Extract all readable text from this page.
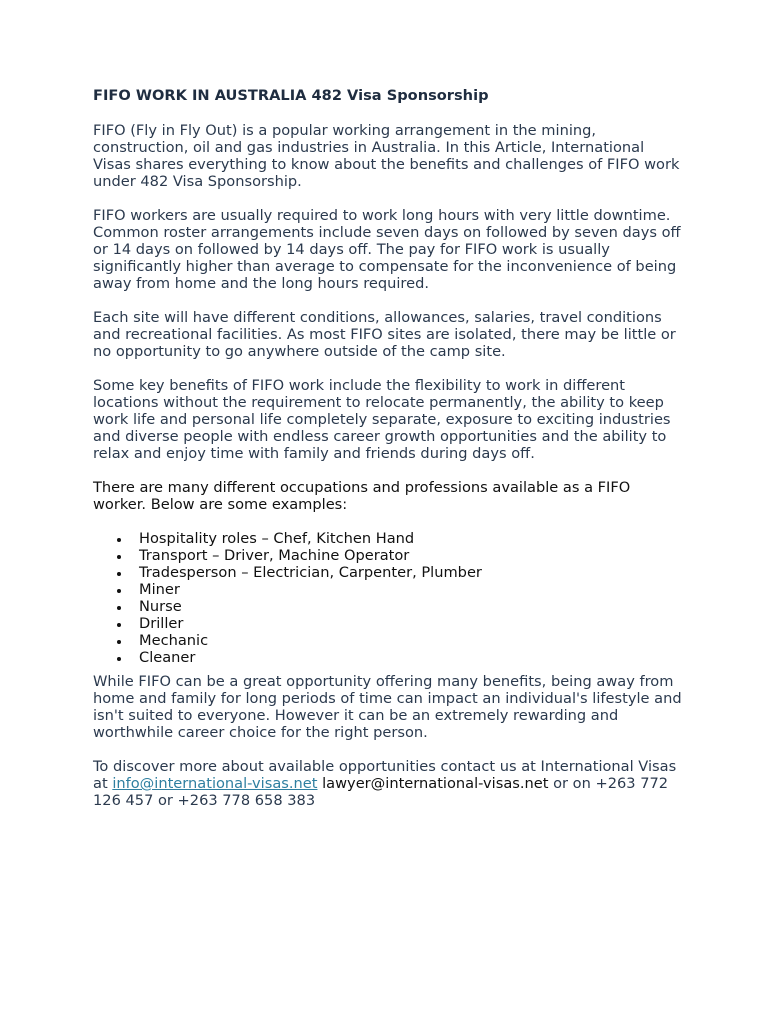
FIFO WORK IN AUSTRALIA 482 Visa Sponsorship

FIFO (Fly in Fly Out) is a popular working arrangement in the mining, construction, oil and gas industries in Australia. In this Article, International Visas shares everything to know about the benefits and challenges of FIFO work under 482 Visa Sponsorship.

FIFO workers are usually required to work long hours with very little downtime. Common roster arrangements include seven days on followed by seven days off or 14 days on followed by 14 days off. The pay for FIFO work is usually significantly higher than average to compensate for the inconvenience of being away from home and the long hours required.

Each site will have different conditions, allowances, salaries, travel conditions and recreational facilities. As most FIFO sites are isolated, there may be little or no opportunity to go anywhere outside of the camp site.

Some key benefits of FIFO work include the flexibility to work in different locations without the requirement to relocate permanently, the ability to keep work life and personal life completely separate, exposure to exciting industries and diverse people with endless career growth opportunities and the ability to relax and enjoy time with family and friends during days off.

There are many different occupations and professions available as a FIFO worker. Below are some examples:

Hospitality roles – Chef, Kitchen Hand
Transport – Driver, Machine Operator
Tradesperson – Electrician, Carpenter, Plumber
Miner
Nurse
Driller
Mechanic
Cleaner

While FIFO can be a great opportunity offering many benefits, being away from home and family for long periods of time can impact an individual's lifestyle and isn't suited to everyone. However it can be an extremely rewarding and worthwhile career choice for the right person.

To discover more about available opportunities contact us at International Visas at info@international-visas.net lawyer@international-visas.net or on +263 772 126 457 or +263 778 658 383
